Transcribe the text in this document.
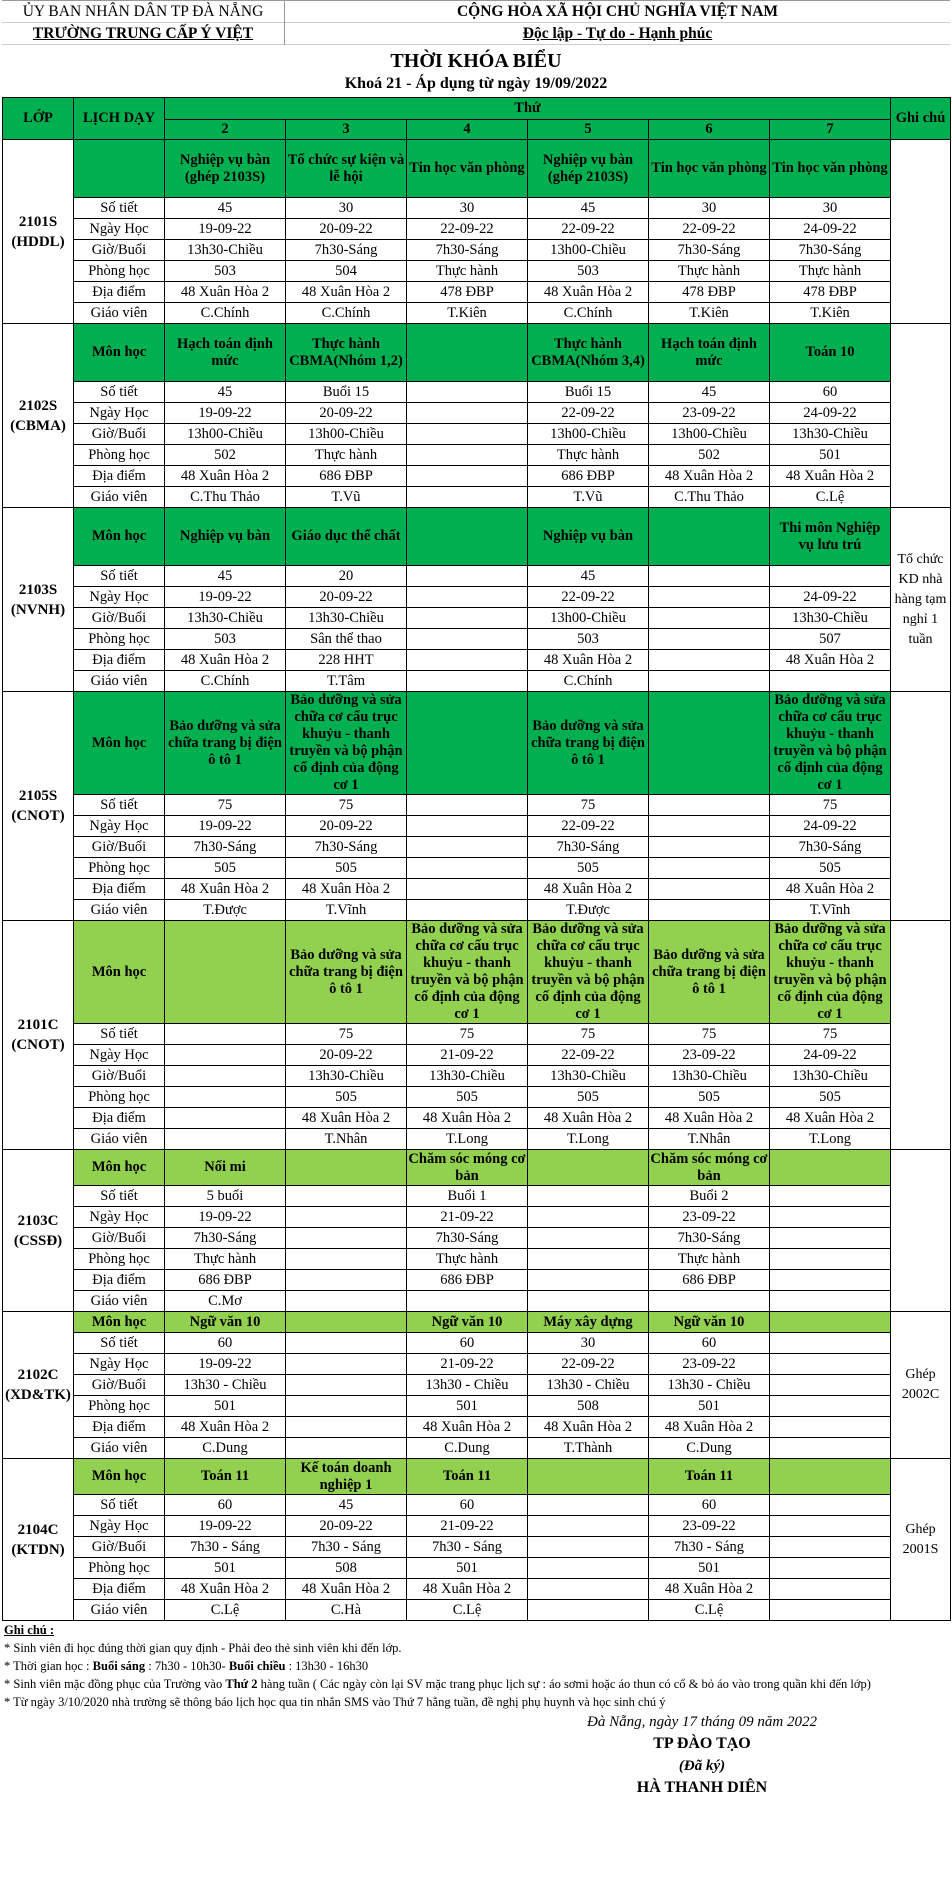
ỦY BAN NHÂN DÂN TP ĐÀ NẴNG
TRƯỜNG TRUNG CẤP Ý VIỆT
CỘNG HÒA XÃ HỘI CHỦ NGHĨA VIỆT NAM
Độc lập - Tự do - Hạnh phúc
THỜI KHÓA BIỂU
Khoá 21 - Áp dụng từ ngày 19/09/2022
LỚP	LỊCH DẠY	Thứ						Ghi chú
		2	3	4	5	6	7	
2101S (HDDL)		Nghiệp vụ bàn (ghép 2103S)	Tổ chức sự kiện và lễ hội	Tin học văn phòng	Nghiệp vụ bàn (ghép 2103S)	Tin học văn phòng	Tin học văn phòng	
	Số tiết	45	30	30	45	30	30	
	Ngày Học	19-09-22	20-09-22	22-09-22	22-09-22	22-09-22	24-09-22	
	Giờ/Buổi	13h30-Chiều	7h30-Sáng	7h30-Sáng	13h00-Chiều	7h30-Sáng	7h30-Sáng	
	Phòng học	503	504	Thực hành	503	Thực hành	Thực hành	
	Địa điểm	48 Xuân Hòa 2	48 Xuân Hòa 2	478 ĐBP	48 Xuân Hòa 2	478 ĐBP	478 ĐBP	
	Giáo viên	C.Chính	C.Chính	T.Kiên	C.Chính	T.Kiên	T.Kiên	
2102S (CBMA)	Môn học	Hạch toán định mức	Thực hành CBMA(Nhóm 1,2)		Thực hành CBMA(Nhóm 3,4)	Hạch toán định mức	Toán 10	
	Số tiết	45	Buổi 15		Buổi 15	45	60	
	Ngày Học	19-09-22	20-09-22		22-09-22	23-09-22	24-09-22	
	Giờ/Buổi	13h00-Chiều	13h00-Chiều		13h00-Chiều	13h00-Chiều	13h30-Chiều	
	Phòng học	502	Thực hành		Thực hành	502	501	
	Địa điểm	48 Xuân Hòa 2	686 ĐBP		686 ĐBP	48 Xuân Hòa 2	48 Xuân Hòa 2	
	Giáo viên	C.Thu Thảo	T.Vũ		T.Vũ	C.Thu Thảo	C.Lệ	
2103S (NVNH)	Môn học	Nghiệp vụ bàn	Giáo dục thể chất		Nghiệp vụ bàn		Thi môn Nghiệp vụ lưu trú	Tổ chức KD nhà hàng tạm nghỉ 1 tuần
	Số tiết	45	20		45			
	Ngày Học	19-09-22	20-09-22		22-09-22		24-09-22	
	Giờ/Buổi	13h30-Chiều	13h30-Chiều		13h00-Chiều		13h30-Chiều	
	Phòng học	503	Sân thể thao		503		507	
	Địa điểm	48 Xuân Hòa 2	228 HHT		48 Xuân Hòa 2		48 Xuân Hòa 2	
	Giáo viên	C.Chính	T.Tâm		C.Chính			
2105S (CNOT)	Môn học	Bảo dưỡng và sửa chữa trang bị điện ô tô 1	Bảo dưỡng và sửa chữa cơ cấu trục khuỷu - thanh truyền và bộ phận cố định của động cơ 1		Bảo dưỡng và sửa chữa trang bị điện ô tô 1		Bảo dưỡng và sửa chữa cơ cấu trục khuỷu - thanh truyền và bộ phận cố định của động cơ 1	
	Số tiết	75	75		75		75	
	Ngày Học	19-09-22	20-09-22		22-09-22		24-09-22	
	Giờ/Buổi	7h30-Sáng	7h30-Sáng		7h30-Sáng		7h30-Sáng	
	Phòng học	505	505		505		505	
	Địa điểm	48 Xuân Hòa 2	48 Xuân Hòa 2		48 Xuân Hòa 2		48 Xuân Hòa 2	
	Giáo viên	T.Được	T.Vĩnh		T.Được		T.Vĩnh	
2101C (CNOT)	Môn học		Bảo dưỡng và sửa chữa trang bị điện ô tô 1	Bảo dưỡng và sửa chữa cơ cấu trục khuỷu - thanh truyền và bộ phận cố định của động cơ 1	Bảo dưỡng và sửa chữa cơ cấu trục khuỷu - thanh truyền và bộ phận cố định của động cơ 1	Bảo dưỡng và sửa chữa trang bị điện ô tô 1	Bảo dưỡng và sửa chữa cơ cấu trục khuỷu - thanh truyền và bộ phận cố định của động cơ 1	
	Số tiết		75	75	75	75	75	
	Ngày Học		20-09-22	21-09-22	22-09-22	23-09-22	24-09-22	
	Giờ/Buổi		13h30-Chiều	13h30-Chiều	13h30-Chiều	13h30-Chiều	13h30-Chiều	
	Phòng học		505	505	505	505	505	
	Địa điểm		48 Xuân Hòa 2	48 Xuân Hòa 2	48 Xuân Hòa 2	48 Xuân Hòa 2	48 Xuân Hòa 2	
	Giáo viên		T.Nhân	T.Long	T.Long	T.Nhân	T.Long	
2103C (CSSĐ)	Môn học	Nối mi		Chăm sóc móng cơ bản		Chăm sóc móng cơ bản		
	Số tiết	5 buổi		Buổi 1		Buổi 2		
	Ngày Học	19-09-22		21-09-22		23-09-22		
	Giờ/Buổi	7h30-Sáng		7h30-Sáng		7h30-Sáng		
	Phòng học	Thực hành		Thực hành		Thực hành		
	Địa điểm	686 ĐBP		686 ĐBP		686 ĐBP		
	Giáo viên	C.Mơ						
2102C (XD&TK)	Môn học	Ngữ văn 10		Ngữ văn 10	Máy xây dựng	Ngữ văn 10		Ghép 2002C
	Số tiết	60		60	30	60		
	Ngày Học	19-09-22		21-09-22	22-09-22	23-09-22		
	Giờ/Buổi	13h30 - Chiều		13h30 - Chiều	13h30 - Chiều	13h30 - Chiều		
	Phòng học	501		501	508	501		
	Địa điểm	48 Xuân Hòa 2		48 Xuân Hòa 2	48 Xuân Hòa 2	48 Xuân Hòa 2		
	Giáo viên	C.Dung		C.Dung	T.Thành	C.Dung		
2104C (KTDN)	Môn học	Toán 11	Kế toán doanh nghiệp 1	Toán 11		Toán 11		Ghép 2001S
	Số tiết	60	45	60		60		
	Ngày Học	19-09-22	20-09-22	21-09-22		23-09-22		
	Giờ/Buổi	7h30 - Sáng	7h30 - Sáng	7h30 - Sáng		7h30 - Sáng		
	Phòng học	501	508	501		501		
	Địa điểm	48 Xuân Hòa 2	48 Xuân Hòa 2	48 Xuân Hòa 2		48 Xuân Hòa 2		
	Giáo viên	C.Lệ	C.Hà	C.Lệ		C.Lệ		
Ghi chú :
* Sinh viên đi học đúng thời gian quy định - Phải đeo thẻ sinh viên khi đến lớp.
* Thời gian học : Buổi sáng : 7h30 - 10h30- Buổi chiều : 13h30 - 16h30
* Sinh viên mặc đồng phục của Trường vào Thứ 2 hàng tuần ( Các ngày còn lại SV mặc trang phục lịch sự : áo sơmi hoặc áo thun có cổ & bỏ áo vào trong quần khi đến lớp)
* Từ ngày 3/10/2020 nhà trường sẽ thông báo lịch học qua tin nhắn SMS vào Thứ 7 hằng tuần, đề nghị phụ huynh và học sinh chú ý
Đà Nẵng, ngày 17 tháng 09 năm 2022
TP ĐÀO TẠO
(Đã ký)
HÀ THANH DIÊN
